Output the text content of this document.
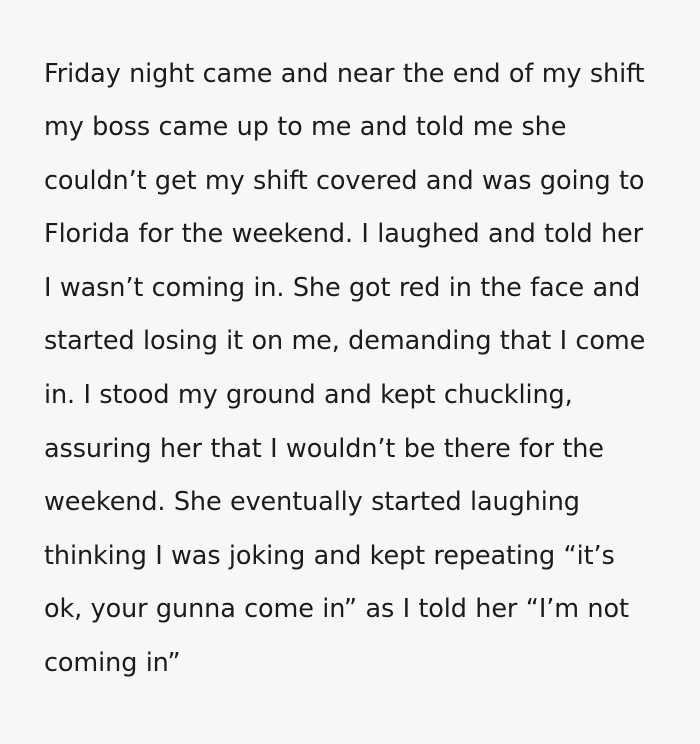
Friday night came and near the end of my shift my boss came up to me and told me she couldn’t get my shift covered and was going to Florida for the weekend. I laughed and told her I wasn’t coming in. She got red in the face and started losing it on me, demanding that I come in. I stood my ground and kept chuckling, assuring her that I wouldn’t be there for the weekend. She eventually started laughing thinking I was joking and kept repeating “it’s ok, your gunna come in” as I told her “I’m not coming in”
